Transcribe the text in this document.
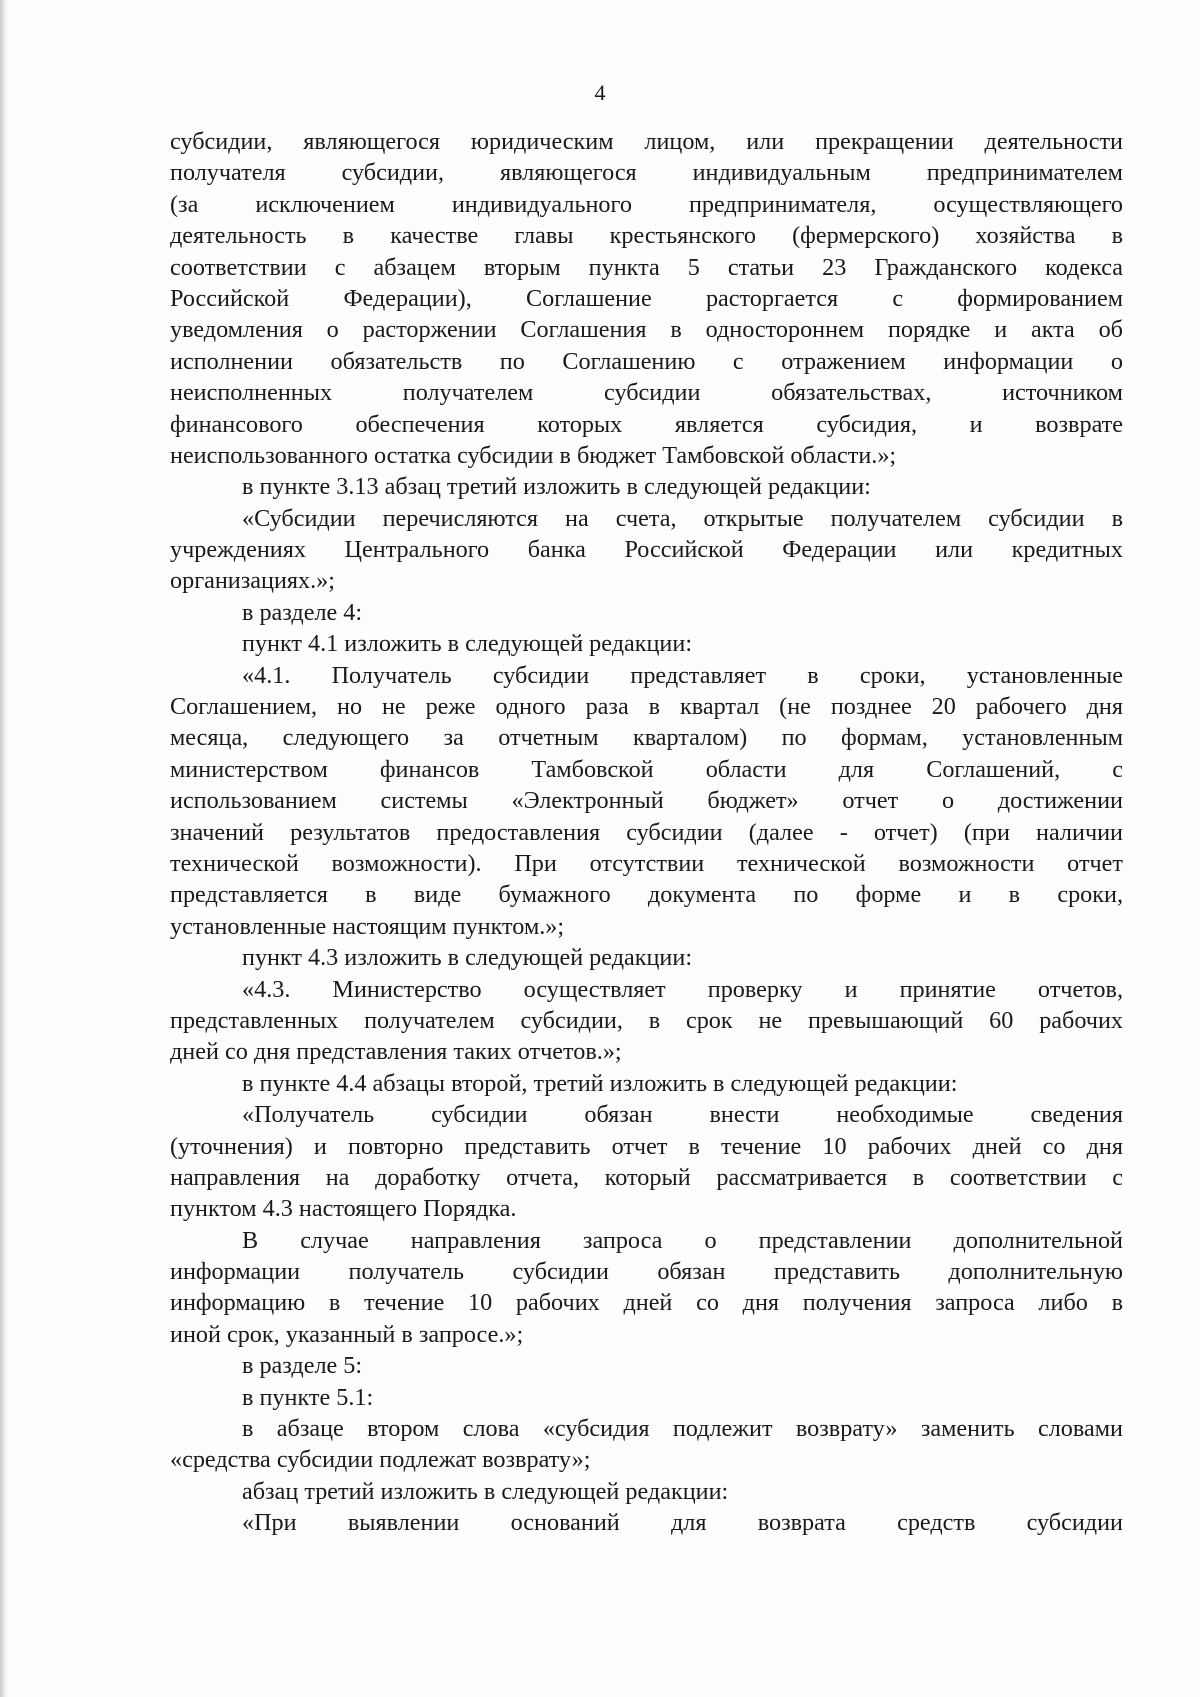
4
субсидии, являющегося юридическим лицом, или прекращении деятельности
получателя субсидии, являющегося индивидуальным предпринимателем
(за исключением индивидуального предпринимателя, осуществляющего
деятельность в качестве главы крестьянского (фермерского) хозяйства в
соответствии с абзацем вторым пункта 5 статьи 23 Гражданского кодекса
Российской Федерации), Соглашение расторгается с формированием
уведомления о расторжении Соглашения в одностороннем порядке и акта об
исполнении обязательств по Соглашению с отражением информации о
неисполненных получателем субсидии обязательствах, источником
финансового обеспечения которых является субсидия, и возврате
неиспользованного остатка субсидии в бюджет Тамбовской области.»;
в пункте 3.13 абзац третий изложить в следующей редакции:
«Субсидии перечисляются на счета, открытые получателем субсидии в
учреждениях Центрального банка Российской Федерации или кредитных
организациях.»;
в разделе 4:
пункт 4.1 изложить в следующей редакции:
«4.1. Получатель субсидии представляет в сроки, установленные
Соглашением, но не реже одного раза в квартал (не позднее 20 рабочего дня
месяца, следующего за отчетным кварталом) по формам, установленным
министерством финансов Тамбовской области для Соглашений, с
использованием системы «Электронный бюджет» отчет о достижении
значений результатов предоставления субсидии (далее - отчет) (при наличии
технической возможности). При отсутствии технической возможности отчет
представляется в виде бумажного документа по форме и в сроки,
установленные настоящим пунктом.»;
пункт 4.3 изложить в следующей редакции:
«4.3. Министерство осуществляет проверку и принятие отчетов,
представленных получателем субсидии, в срок не превышающий 60 рабочих
дней со дня представления таких отчетов.»;
в пункте 4.4 абзацы второй, третий изложить в следующей редакции:
«Получатель субсидии обязан внести необходимые сведения
(уточнения) и повторно представить отчет в течение 10 рабочих дней со дня
направления на доработку отчета, который рассматривается в соответствии с
пунктом 4.3 настоящего Порядка.
В случае направления запроса о представлении дополнительной
информации получатель субсидии обязан представить дополнительную
информацию в течение 10 рабочих дней со дня получения запроса либо в
иной срок, указанный в запросе.»;
в разделе 5:
в пункте 5.1:
в абзаце втором слова «субсидия подлежит возврату» заменить словами
«средства субсидии подлежат возврату»;
абзац третий изложить в следующей редакции:
«При выявлении оснований для возврата средств субсидии
